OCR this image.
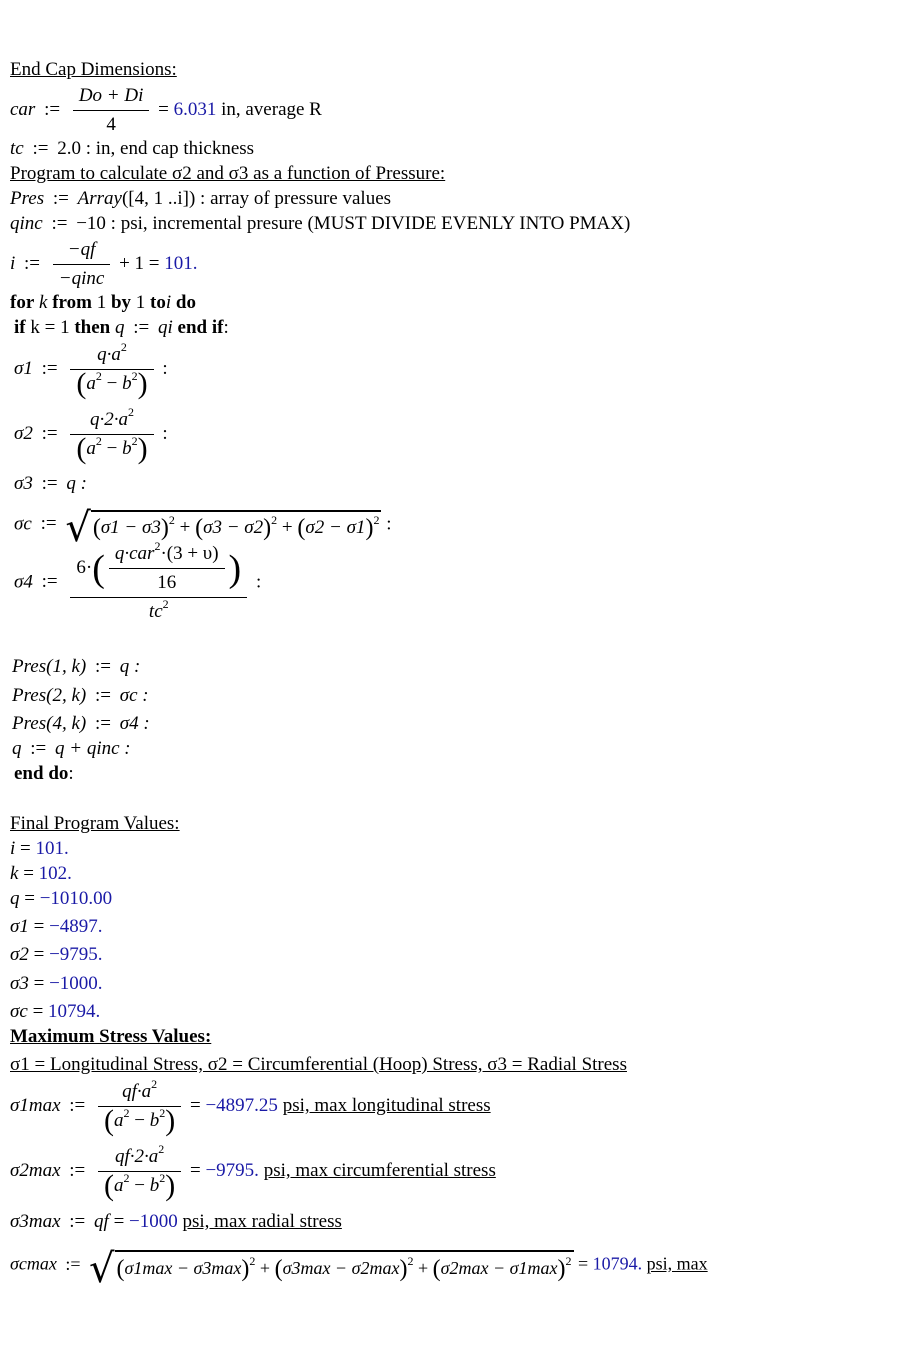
End Cap Dimensions:
car := $\frac{Do + Di}{4} = 6.031$ in, average R
tc := 2.0 : in, end cap thickness
Program to calculate σ2 and σ3 as a function of Pressure:
Pres := Array([4, 1 ..i]) : array of pressure values
qinc := −10 : psi, incremental presure (MUST DIVIDE EVENLY INTO PMAX)
i := $\frac{-qf}{\text{−qinc}} + 1 = 101$.
for k from 1 by 1 toi do
if k = 1 then q := qi end if:
σ1 := $\frac{q\cdot a^2}{(a^2 - b^2)}$ :
σ2 := $\frac{q\cdot 2\cdot a^2}{(a^2 - b^2)}$ :
σ3 := q :
σc := $√(\sigma 1 - \sigma 3)^2 + (\sigma 3 - \sigma 2)^2 + (\sigma 2 - \sigma 1)^2$ :
σ4 := $\frac{6\cdot( \frac{q\cdot car^2\cdot(3 + \upsilon)}{16} )}{tc^2}$ :
Pres(1, k) := q :
Pres(2, k) := σc :
Pres(4, k) := σ4 :
q := q + qinc :
end do:
Final Program Values:
i = 101.
k = 102.
q = −1010.00
σ1 = −4897.
σ2 = −9795.
σ3 = −1000.
σc = 10794.
Maximum Stress Values:
σ1 = Longitudinal Stress, σ2 = Circumferential (Hoop) Stress, σ3 = Radial Stress
σ1max := $\frac{qf\cdot a^2}{(a^2 - b^2)} = -4897.25$ psi, max longitudinal stress
σ2max := $\frac{qf\cdot 2\cdot a^2}{(a^2 - b^2)} = -9795$. psi, max circumferential stress
σ3max := qf = −1000 psi, max radial stress
σcmax := $√(\sigma 1\max - \sigma 3\max)^2 + (\sigma 3\max - \sigma 2\max)^2 + (\sigma 2\max - \sigma 1\max)^2 = 10794$. psi, max
